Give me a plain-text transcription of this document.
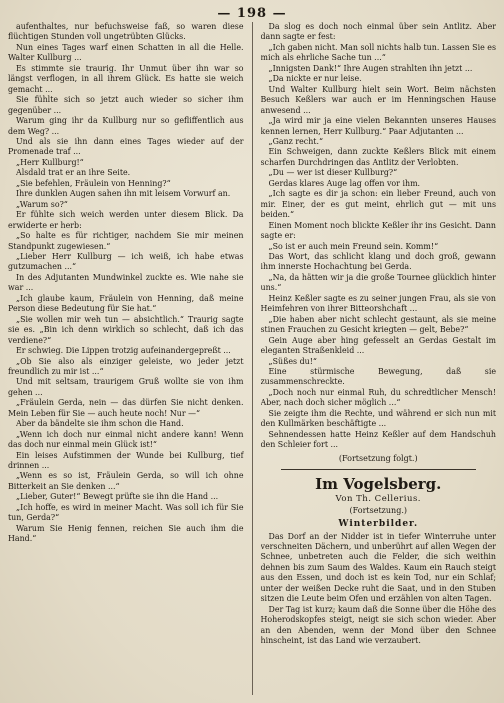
— 198 —

aufenthaltes, nur befuchsweise faß, so waren diese flüchtigen Stunden voll ungetrübten Glücks.

Nun eines Tages warf einen Schatten in all die Helle. Walter Kullburg ...

Es stimmte sie traurig. Ihr Unmut über ihn war so längst verflogen, in all ihrem Glück. Es hatte sie weich gemacht ...

Sie fühlte sich so jetzt auch wieder so sicher ihm gegenüber ...

Warum ging ihr da Kullburg nur so gefliffentlich aus dem Weg? ...

Und als sie ihn dann eines Tages wieder auf der Promenade traf ...

„Herr Kullburg!“

Alsdald trat er an ihre Seite.

„Sie befehlen, Fräulein von Henning?“

Ihre dunklen Augen sahen ihn mit leisem Vorwurf an.

„Warum so?“

Er fühlte sich weich werden unter diesem Blick. Da erwiderte er herb:

„So halte es für richtiger, nachdem Sie mir meinen Standpunkt zugewiesen.“

„Lieber Herr Kullburg — ich weiß, ich habe etwas gutzumachen ...“

In des Adjutanten Mundwinkel zuckte es. Wie nahe sie war ...

„Ich glaube kaum, Fräulein von Henning, daß meine Person diese Bedeutung für Sie hat.“

„Sie wollen mir weh tun — absichtlich.“ Traurig sagte sie es. „Bin ich denn wirklich so schlecht, daß ich das verdiene?“

Er schwieg. Die Lippen trotzig aufeinandergepreßt ...

„Ob Sie also als einziger geleiste, wo jeder jetzt freundlich zu mir ist ...“

Und mit seltsam, traurigem Gruß wollte sie von ihm gehen ...

„Fräulein Gerda, nein — das dürfen Sie nicht denken. Mein Leben für Sie — auch heute noch! Nur —“

Aber da bändelte sie ihm schon die Hand.

„Wenn ich doch nur einmal nicht andere kann! Wenn das doch nur einmal mein Glück ist!“

Ein leises Aufstimmen der Wunde bei Kullburg, tief drinnen ...

„Wenn es so ist, Fräulein Gerda, so will ich ohne Bitterkeit an Sie denken ...“

„Lieber, Guter!“ Bewegt prüfte sie ihn die Hand ...

„Ich hoffe, es wird in meiner Macht. Was soll ich für Sie tun, Gerda?“

Warum Sie Henig fennen, reichen Sie auch ihm die Hand.“

Da slog es doch noch einmal über sein Antlitz. Aber dann sagte er fest:

„Ich gaben nicht. Man soll nichts halb tun. Lassen Sie es mich als ehrliche Sache tun ...“

„Innigsten Dank!“ Ihre Augen strahlten ihn jetzt ...

„Da nickte er nur leise.

Und Walter Kullburg hielt sein Wort. Beim nächsten Besuch Keßlers war auch er im Henningschen Hause anwesend ...

„Ja wird mir ja eine vielen Bekannten unseres Hauses kennen lernen, Herr Kullburg.“ Paar Adjutanten ...

„Ganz recht.“

Ein Schweigen, dann zuckte Keßlers Blick mit einem scharfen Durchdringen das Antlitz der Verlobten.

„Du — wer ist dieser Kullburg?“

Gerdas klares Auge lag offen vor ihm.

„Ich sagte es dir ja schon: ein lieber Freund, auch von mir. Einer, der es gut meint, ehrlich gut — mit uns beiden.“

Einen Moment noch blickte Keßler ihr ins Gesicht. Dann sagte er:

„So ist er auch mein Freund sein. Komm!“

Das Wort, das schlicht klang und doch groß, gewann ihm innerste Hochachtung bei Gerda.

„Na, da hätten wir ja die große Tournee glücklich hinter uns.“

Heinz Keßler sagte es zu seiner jungen Frau, als sie von Heimfehren von ihrer Bitteorshchaft ...

„Die haben aber nicht schlecht gestaunt, als sie meine stinen Frauchen zu Gesicht kriegten — gelt, Bebe?“

Gein Auge aber hing gefesselt an Gerdas Gestalt im eleganten Straßenkleid ...

„Süßes du!“

Eine stürmische Bewegung, daß sie zusammenschreckte.

„Doch noch nur einmal Ruh, du schredtlicher Mensch! Aber, nach doch sicher möglich ...“

Sie zeigte ihm die Rechte, und während er sich nun mit den Kullmärken beschäftigte ...

Sehnendessen hatte Heinz Keßler auf dem Handschuh den Schleier fort ...

(Fortsetzung folgt.)
Im Vogelsberg.
Von Th. Cellerius.
(Fortsetzung.)
Winterbilder.

Das Dorf an der Nidder ist in tiefer Winterruhe unter verschneiten Dächern, und unberührt auf allen Wegen der Schnee, unbetreten auch die Felder, die sich weithin dehnen bis zum Saum des Waldes. Kaum ein Rauch steigt aus den Essen, und doch ist es kein Tod, nur ein Schlaf; unter der weißen Decke ruht die Saat, und in den Stuben sitzen die Leute beim Ofen und erzählen von alten Tagen.

Der Tag ist kurz; kaum daß die Sonne über die Höhe des Hoherodskopfes steigt, neigt sie sich schon wieder. Aber an den Abenden, wenn der Mond über den Schnee hinscheint, ist das Land wie verzaubert.
